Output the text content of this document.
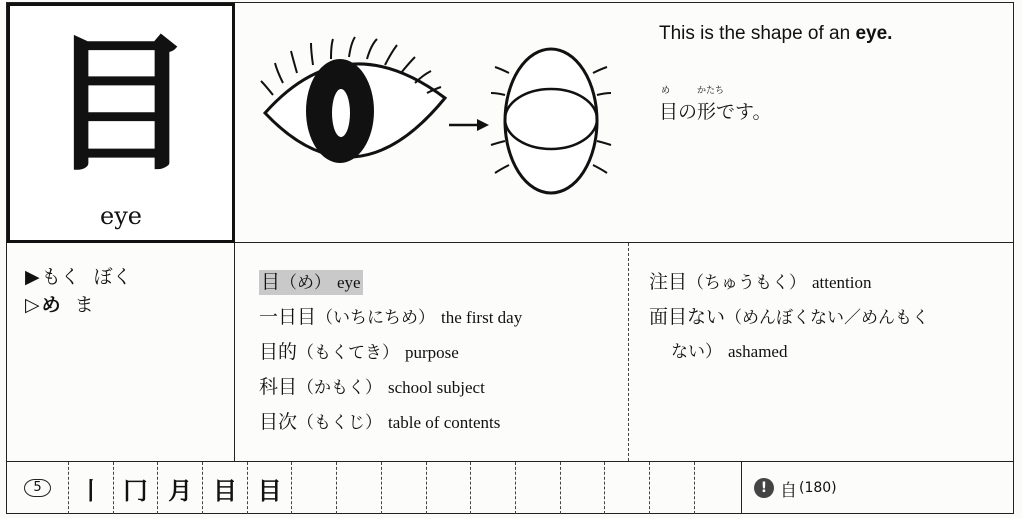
目
eye
This is the shape of an eye.
め	かたち
目の形です。
▶ もく ぼく
▷ め ま
目（め） eye
一日目（いちにちめ） the first day
目的（もくてき） purpose
科目（かもく） school subject
目次（もくじ） table of contents
注目（ちゅうもく） attention
面目ない（めんぼくない／めんもく
ない） ashamed
5	丨 冂 月 目 目	! 自 (180)
